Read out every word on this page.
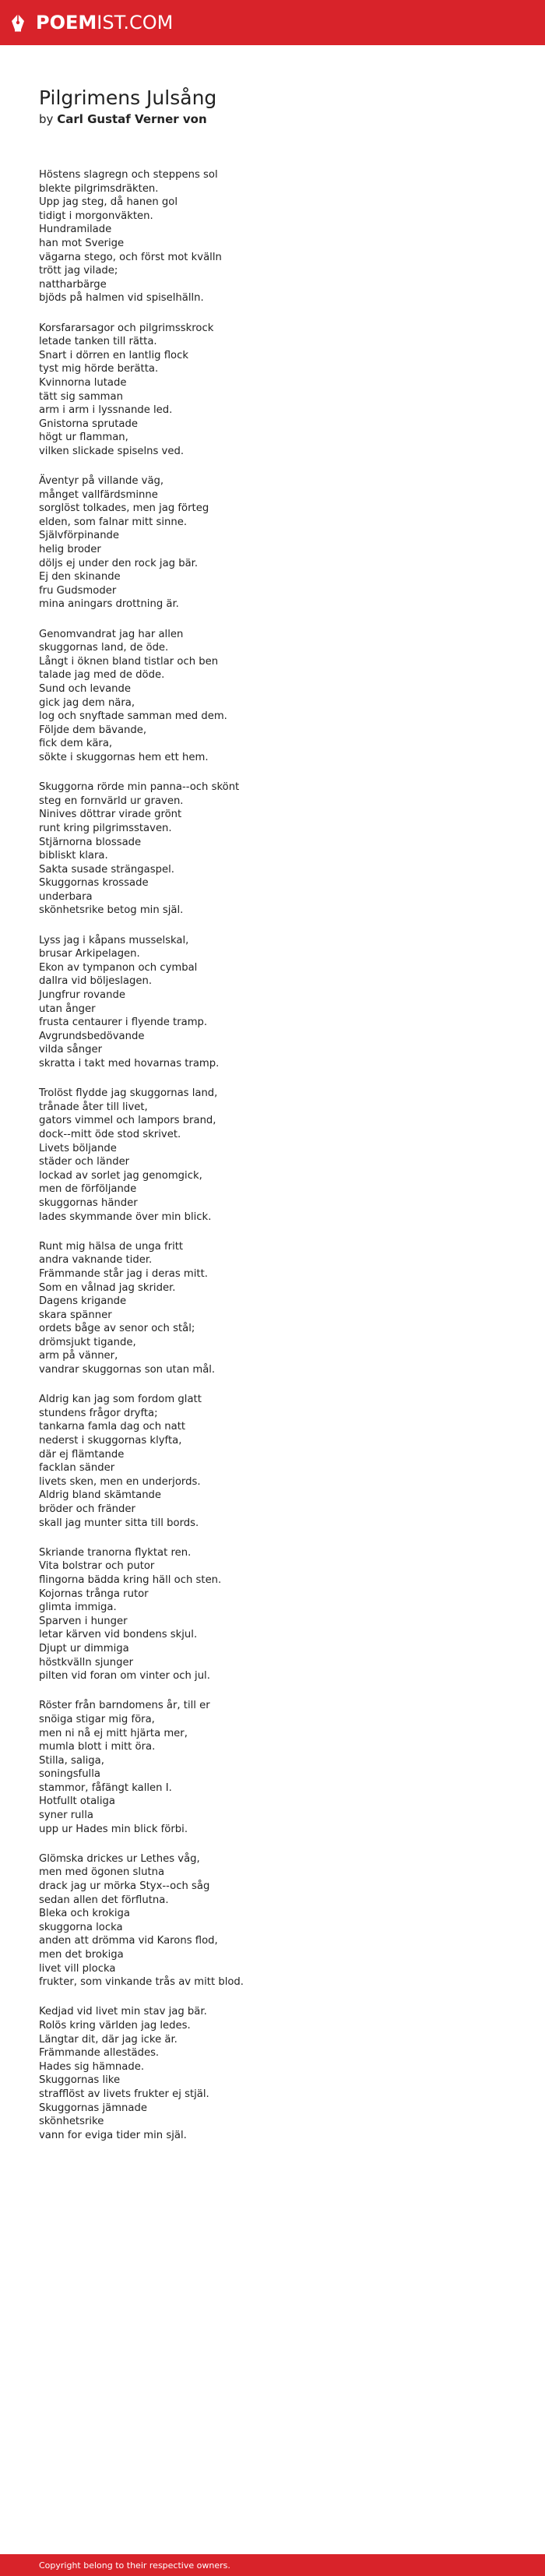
POEM IST.COM
Pilgrimens Julsång
by Carl Gustaf Verner von
Höstens slagregn och steppens sol
blekte pilgrimsdräkten.
Upp jag steg, då hanen gol
tidigt i morgonväkten.
Hundramilade
han mot Sverige
vägarna stego, och först mot kvälln
trött jag vilade;
nattharbärge
bjöds på halmen vid spiselhälln.
Korsfararsagor och pilgrimsskrock
letade tanken till rätta.
Snart i dörren en lantlig flock
tyst mig hörde berätta.
Kvinnorna lutade
tätt sig samman
arm i arm i lyssnande led.
Gnistorna sprutade
högt ur flamman,
vilken slickade spiselns ved.
Äventyr på villande väg,
månget vallfärdsminne
sorglöst tolkades, men jag förteg
elden, som falnar mitt sinne.
Självförpinande
helig broder
döljs ej under den rock jag bär.
Ej den skinande
fru Gudsmoder
mina aningars drottning är.
Genomvandrat jag har allen
skuggornas land, de öde.
Långt i öknen bland tistlar och ben
talade jag med de döde.
Sund och levande
gick jag dem nära,
log och snyftade samman med dem.
Följde dem bävande,
fick dem kära,
sökte i skuggornas hem ett hem.
Skuggorna rörde min panna--och skönt
steg en fornvärld ur graven.
Ninives döttrar virade grönt
runt kring pilgrimsstaven.
Stjärnorna blossade
bibliskt klara.
Sakta susade strängaspel.
Skuggornas krossade
underbara
skönhetsrike betog min själ.
Lyss jag i kåpans musselskal,
brusar Arkipelagen.
Ekon av tympanon och cymbal
dallra vid böljeslagen.
Jungfrur rovande
utan ånger
frusta centaurer i flyende tramp.
Avgrundsbedövande
vilda sånger
skratta i takt med hovarnas tramp.
Trolöst flydde jag skuggornas land,
trånade åter till livet,
gators vimmel och lampors brand,
dock--mitt öde stod skrivet.
Livets böljande
städer och länder
lockad av sorlet jag genomgick,
men de förföljande
skuggornas händer
lades skymmande över min blick.
Runt mig hälsa de unga fritt
andra vaknande tider.
Främmande står jag i deras mitt.
Som en vålnad jag skrider.
Dagens krigande
skara spänner
ordets båge av senor och stål;
drömsjukt tigande,
arm på vänner,
vandrar skuggornas son utan mål.
Aldrig kan jag som fordom glatt
stundens frågor dryfta;
tankarna famla dag och natt
nederst i skuggornas klyfta,
där ej flämtande
facklan sänder
livets sken, men en underjords.
Aldrig bland skämtande
bröder och fränder
skall jag munter sitta till bords.
Skriande tranorna flyktat ren.
Vita bolstrar och putor
flingorna bädda kring häll och sten.
Kojornas trånga rutor
glimta immiga.
Sparven i hunger
letar kärven vid bondens skjul.
Djupt ur dimmiga
höstkvälln sjunger
pilten vid foran om vinter och jul.
Röster från barndomens år, till er
snöiga stigar mig föra,
men ni nå ej mitt hjärta mer,
mumla blott i mitt öra.
Stilla, saliga,
soningsfulla
stammor, fåfängt kallen I.
Hotfullt otaliga
syner rulla
upp ur Hades min blick förbi.
Glömska drickes ur Lethes våg,
men med ögonen slutna
drack jag ur mörka Styx--och såg
sedan allen det förflutna.
Bleka och krokiga
skuggorna locka
anden att drömma vid Karons flod,
men det brokiga
livet vill plocka
frukter, som vinkande trås av mitt blod.
Kedjad vid livet min stav jag bär.
Rolös kring världen jag ledes.
Längtar dit, där jag icke är.
Främmande allestädes.
Hades sig hämnade.
Skuggornas like
strafflöst av livets frukter ej stjäl.
Skuggornas jämnade
skönhetsrike
vann for eviga tider min själ.
Copyright belong to their respective owners.
